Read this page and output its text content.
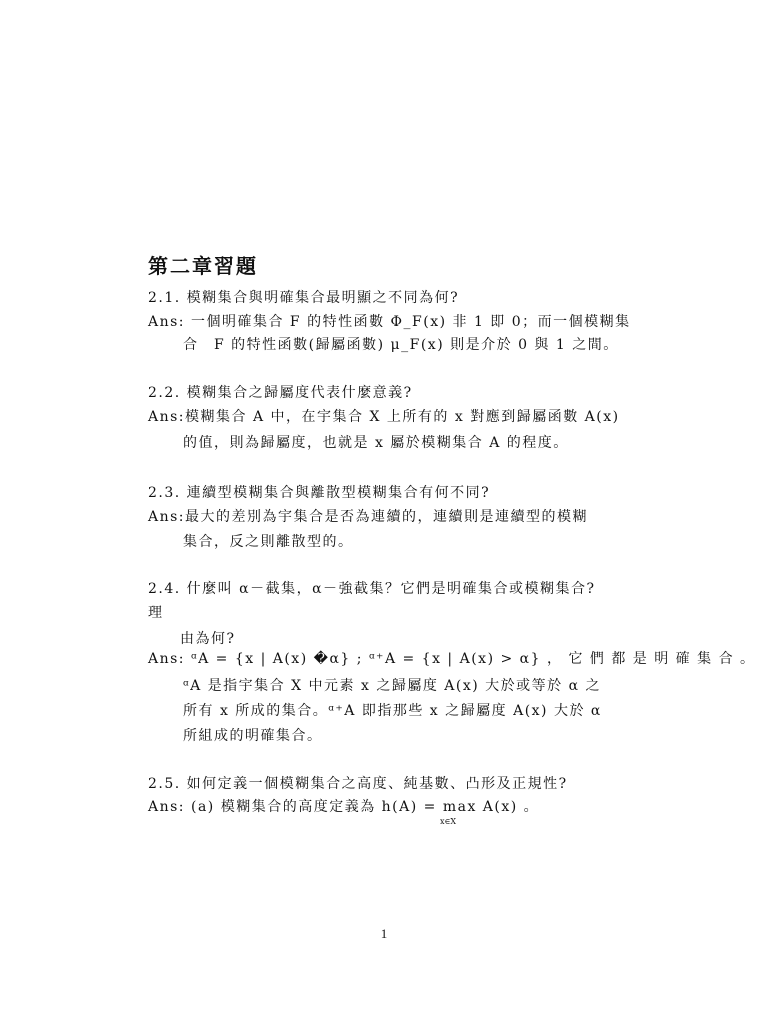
第二章習題
2.1. 模糊集合與明確集合最明顯之不同為何?
Ans: 一個明確集合 F 的特性函數 Φ_F(x) 非 1 即 0；而一個模糊集
合　F 的特性函數(歸屬函數) μ_F(x) 則是介於 0 與 1 之間。
2.2. 模糊集合之歸屬度代表什麼意義?
Ans:模糊集合 A 中，在宇集合 X 上所有的 x 對應到歸屬函數 A(x)
的值，則為歸屬度，也就是 x 屬於模糊集合 A 的程度。
2.3. 連續型模糊集合與離散型模糊集合有何不同?
Ans:最大的差別為宇集合是否為連續的，連續則是連續型的模糊
集合，反之則離散型的。
2.4. 什麼叫 α－截集，α－強截集？它們是明確集合或模糊集合?
理
由為何?
Ans: ᵅA = {x | A(x) �α} ; ᵅ⁺A = {x | A(x) > α} ， 它 們 都 是 明 確 集 合 。
ᵅA 是指宇集合 X 中元素 x 之歸屬度 A(x) 大於或等於 α 之
所有 x 所成的集合。ᵅ⁺A 即指那些 x 之歸屬度 A(x) 大於 α
所組成的明確集合。
2.5. 如何定義一個模糊集合之高度、純基數、凸形及正規性?
Ans: (a) 模糊集合的高度定義為 h(A) = max A(x) 。
x∈X
1
